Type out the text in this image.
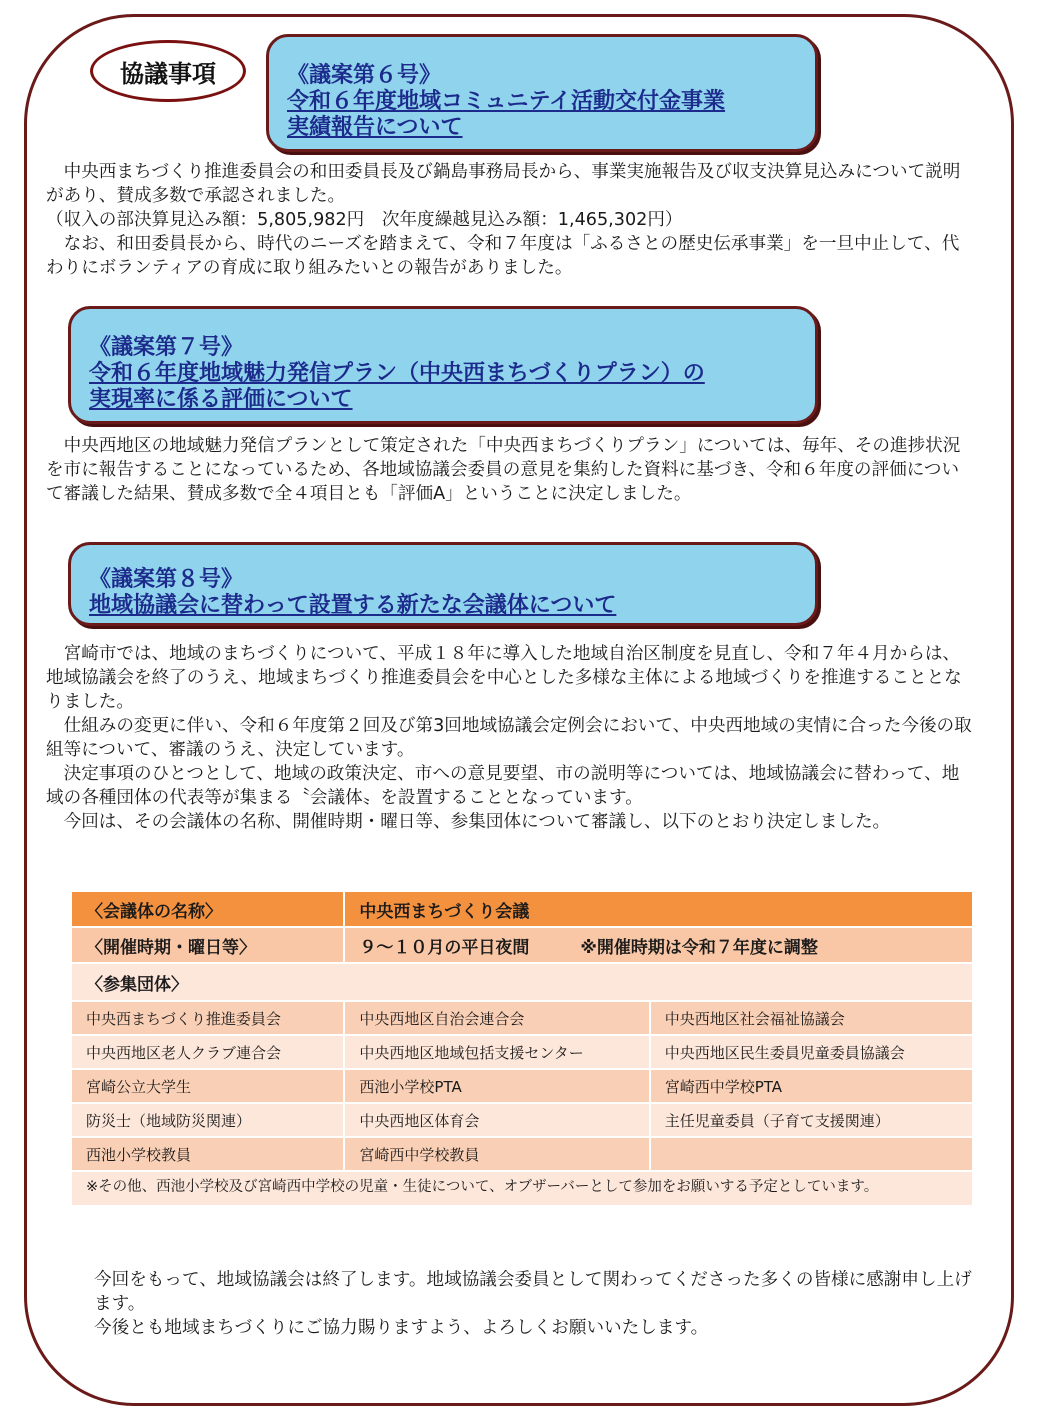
協議事項	《議案第６号》
令和６年度地域コミュニテイ活動交付金事業
実績報告について

　中央西まちづくり推進委員会の和田委員長及び鍋島事務局長から、事業実施報告及び収支決算見込みについて説明があり、賛成多数で承認されました。

（収入の部決算見込み額：5,805,982円　次年度繰越見込み額：1,465,302円）

　なお、和田委員長から、時代のニーズを踏まえて、令和７年度は「ふるさとの歴史伝承事業」を一旦中止して、代わりにボランティアの育成に取り組みたいとの報告がありました。

《議案第７号》
令和６年度地域魅力発信プラン（中央西まちづくりプラン）の
実現率に係る評価について

　中央西地区の地域魅力発信プランとして策定された「中央西まちづくりプラン」については、毎年、その進捗状況を市に報告することになっているため、各地域協議会委員の意見を集約した資料に基づき、令和６年度の評価について審議した結果、賛成多数で全４項目とも「評価A」ということに決定しました。

《議案第８号》
地域協議会に替わって設置する新たな会議体について

　宮崎市では、地域のまちづくりについて、平成１８年に導入した地域自治区制度を見直し、令和７年４月からは、地域協議会を終了のうえ、地域まちづくり推進委員会を中心とした多様な主体による地域づくりを推進することとなりました。

　仕組みの変更に伴い、令和６年度第２回及び第3回地域協議会定例会において、中央西地域の実情に合った今後の取組等について、審議のうえ、決定しています。

　決定事項のひとつとして、地域の政策決定、市への意見要望、市の説明等については、地域協議会に替わって、地域の各種団体の代表等が集まる〝会議体〟を設置することとなっています。

　今回は、その会議体の名称、開催時期・曜日等、参集団体について審議し、以下のとおり決定しました。

〈会議体の名称〉	中央西まちづくり会議	
〈開催時期・曜日等〉	９～１０月の平日夜間　　　※開催時期は令和７年度に調整	
〈参集団体〉		
中央西まちづくり推進委員会	中央西地区自治会連合会	中央西地区社会福祉協議会
中央西地区老人クラブ連合会	中央西地区地域包括支援センター	中央西地区民生委員児童委員協議会
宮崎公立大学生	西池小学校PTA	宮崎西中学校PTA
防災士（地域防災関連）	中央西地区体育会	主任児童委員（子育て支援関連）
西池小学校教員	宮崎西中学校教員	
※その他、西池小学校及び宮崎西中学校の児童・生徒について、オブザーバーとして参加をお願いする予定としています。		

今回をもって、地域協議会は終了します。地域協議会委員として関わってくださった多くの皆様に感謝申し上げます。

今後とも地域まちづくりにご協力賜りますよう、よろしくお願いいたします。
